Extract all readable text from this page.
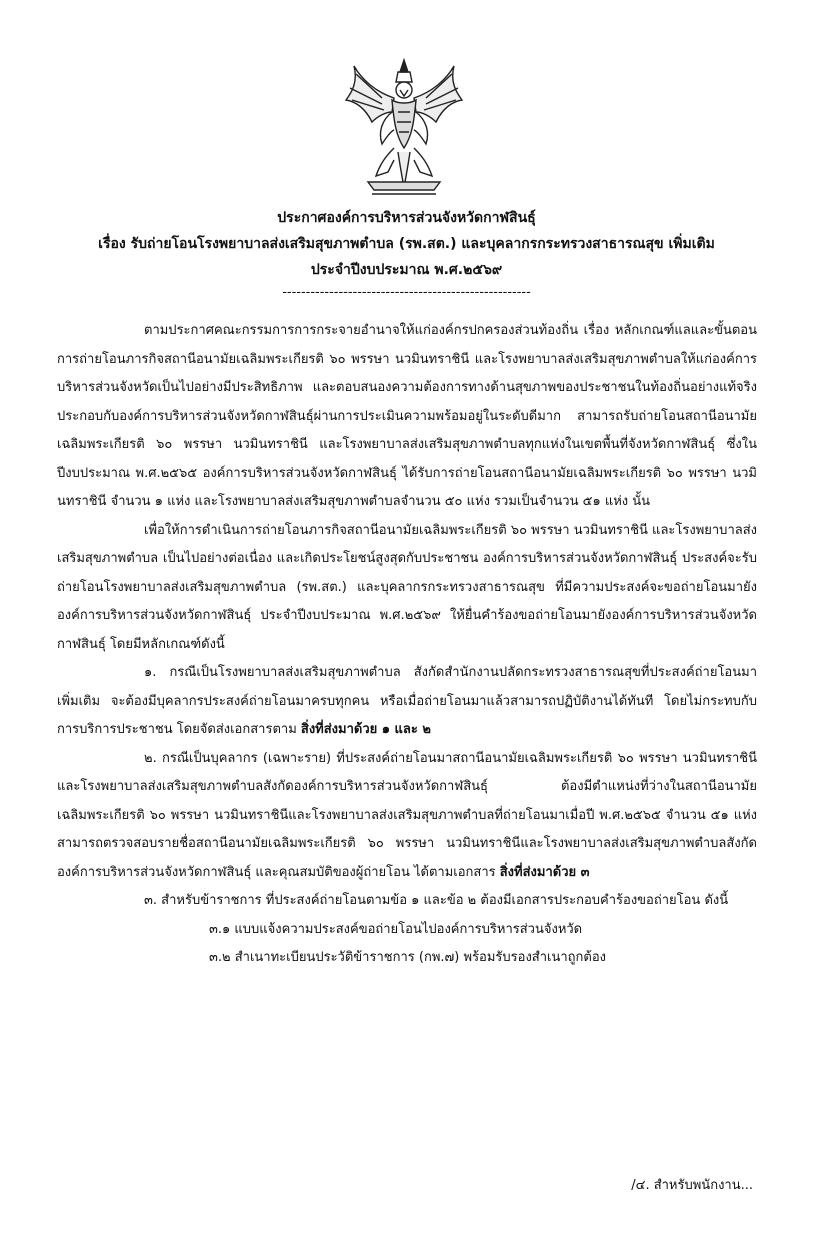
ประกาศองค์การบริหารส่วนจังหวัดกาฬสินธุ์

เรื่อง รับถ่ายโอนโรงพยาบาลส่งเสริมสุขภาพตำบล (รพ.สต.) และบุคลากรกระทรวงสาธารณสุข เพิ่มเติม

ประจำปีงบประมาณ พ.ศ.๒๕๖๙

-----------------------------------------------------

ตามประกาศคณะกรรมการการกระจายอำนาจให้แก่องค์กรปกครองส่วนท้องถิ่น เรื่อง หลักเกณฑ์แลและขั้นตอนการถ่ายโอนภารกิจสถานีอนามัยเฉลิมพระเกียรติ ๖๐ พรรษา นวมินทราชินี และโรงพยาบาลส่งเสริมสุขภาพตำบลให้แก่องค์การบริหารส่วนจังหวัดเป็นไปอย่างมีประสิทธิภาพ และตอบสนองความต้องการทางด้านสุขภาพของประชาชนในท้องถิ่นอย่างแท้จริง ประกอบกับองค์การบริหารส่วนจังหวัดกาฬสินธุ์ผ่านการประเมินความพร้อมอยู่ในระดับดีมาก สามารถรับถ่ายโอนสถานีอนามัยเฉลิมพระเกียรติ ๖๐ พรรษา นวมินทราชินี และโรงพยาบาลส่งเสริมสุขภาพตำบลทุกแห่งในเขตพื้นที่จังหวัดกาฬสินธุ์ ซึ่งในปีงบประมาณ พ.ศ.๒๕๖๕ องค์การบริหารส่วนจังหวัดกาฬสินธุ์ ได้รับการถ่ายโอนสถานีอนามัยเฉลิมพระเกียรติ ๖๐ พรรษา นวมินทราชินี จำนวน ๑ แห่ง และโรงพยาบาลส่งเสริมสุขภาพตำบลจำนวน ๕๐ แห่ง รวมเป็นจำนวน ๕๑ แห่ง นั้น

เพื่อให้การดำเนินการถ่ายโอนภารกิจสถานีอนามัยเฉลิมพระเกียรติ ๖๐ พรรษา นวมินทราชินี และโรงพยาบาลส่งเสริมสุขภาพตำบล เป็นไปอย่างต่อเนื่อง และเกิดประโยชน์สูงสุดกับประชาชน องค์การบริหารส่วนจังหวัดกาฬสินธุ์ ประสงค์จะรับถ่ายโอนโรงพยาบาลส่งเสริมสุขภาพตำบล (รพ.สต.) และบุคลากรกระทรวงสาธารณสุข ที่มีความประสงค์จะขอถ่ายโอนมายังองค์การบริหารส่วนจังหวัดกาฬสินธุ์ ประจำปีงบประมาณ พ.ศ.๒๕๖๙ ให้ยื่นคำร้องขอถ่ายโอนมายังองค์การบริหารส่วนจังหวัดกาฬสินธุ์ โดยมีหลักเกณฑ์ดังนี้

๑. กรณีเป็นโรงพยาบาลส่งเสริมสุขภาพตำบล สังกัดสำนักงานปลัดกระทรวงสาธารณสุขที่ประสงค์ถ่ายโอนมาเพิ่มเติม จะต้องมีบุคลากรประสงค์ถ่ายโอนมาครบทุกคน หรือเมื่อถ่ายโอนมาแล้วสามารถปฏิบัติงานได้ทันที โดยไม่กระทบกับการบริการประชาชน โดยจัดส่งเอกสารตาม สิ่งที่ส่งมาด้วย ๑ และ ๒

๒. กรณีเป็นบุคลากร (เฉพาะราย) ที่ประสงค์ถ่ายโอนมาสถานีอนามัยเฉลิมพระเกียรติ ๖๐ พรรษา นวมินทราชินีและโรงพยาบาลส่งเสริมสุขภาพตำบลสังกัดองค์การบริหารส่วนจังหวัดกาฬสินธุ์ ต้องมีตำแหน่งที่ว่างในสถานีอนามัยเฉลิมพระเกียรติ ๖๐ พรรษา นวมินทราชินีและโรงพยาบาลส่งเสริมสุขภาพตำบลที่ถ่ายโอนมาเมื่อปี พ.ศ.๒๕๖๕ จำนวน ๕๑ แห่ง สามารถตรวจสอบรายชื่อสถานีอนามัยเฉลิมพระเกียรติ ๖๐ พรรษา นวมินทราชินีและโรงพยาบาลส่งเสริมสุขภาพตำบลสังกัดองค์การบริหารส่วนจังหวัดกาฬสินธุ์ และคุณสมบัติของผู้ถ่ายโอน ได้ตามเอกสาร สิ่งที่ส่งมาด้วย ๓

๓. สำหรับข้าราชการ ที่ประสงค์ถ่ายโอนตามข้อ ๑ และข้อ ๒ ต้องมีเอกสารประกอบคำร้องขอถ่ายโอน ดังนี้

๓.๑ แบบแจ้งความประสงค์ขอถ่ายโอนไปองค์การบริหารส่วนจังหวัด

๓.๒ สำเนาทะเบียนประวัติข้าราชการ (กพ.๗) พร้อมรับรองสำเนาถูกต้อง

/๔. สำหรับพนักงาน...
